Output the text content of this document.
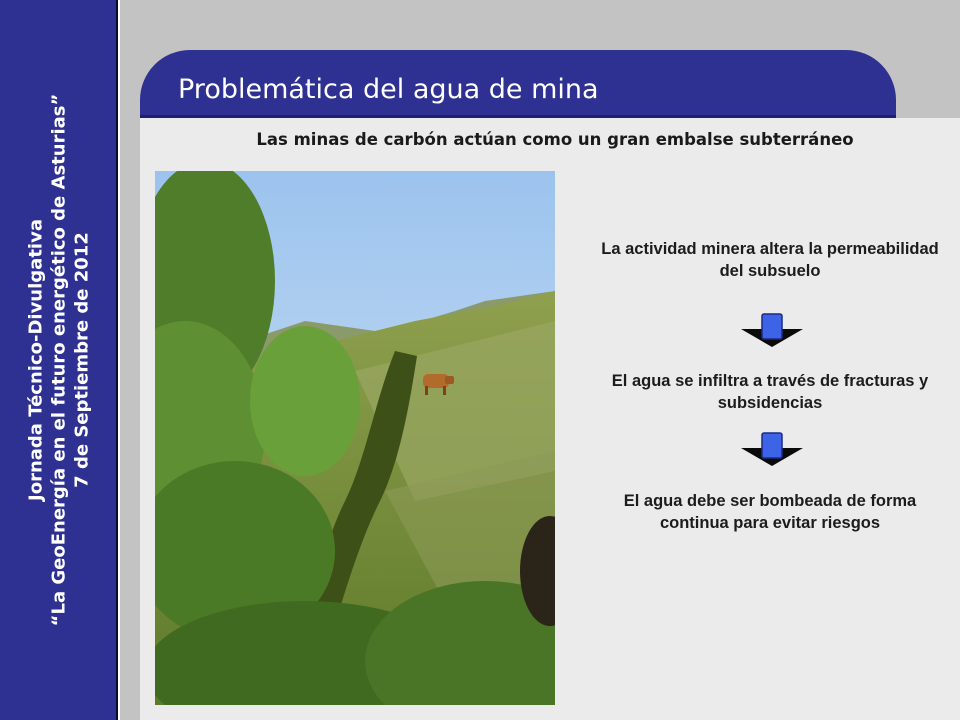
Jornada Técnico-Divulgativa “La GeoEnergía en el futuro energético de Asturias” 7 de Septiembre de 2012
Problemática del agua de mina
Las minas de carbón actúan como un gran embalse subterráneo
La actividad minera altera la permeabilidad del subsuelo
El agua se infiltra a través de fracturas y subsidencias
El agua debe ser bombeada de forma continua para evitar riesgos
